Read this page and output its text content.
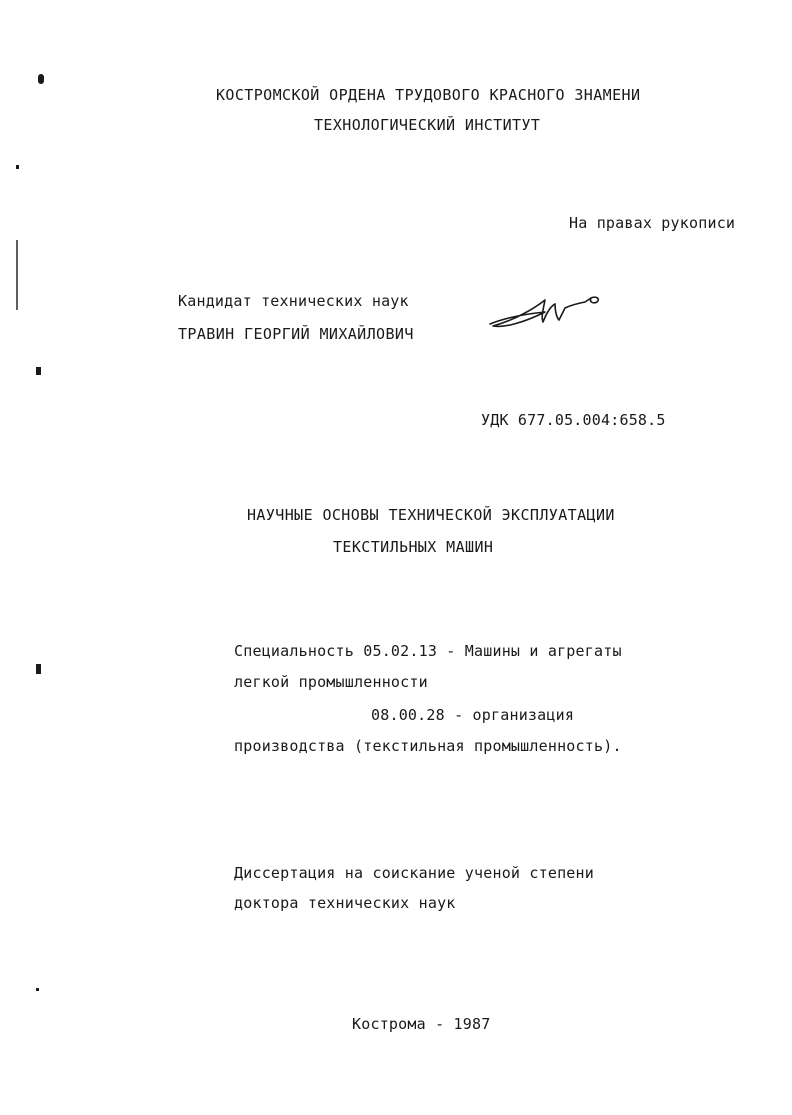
КОСТРОМСКОЙ ОРДЕНА ТРУДОВОГО КРАСНОГО ЗНАМЕНИ
ТЕХНОЛОГИЧЕСКИЙ ИНСТИТУТ
На правах рукописи
Кандидат технических наук
ТРАВИН ГЕОРГИЙ МИХАЙЛОВИЧ
УДК 677.05.004:658.5
НАУЧНЫЕ ОСНОВЫ ТЕХНИЧЕСКОЙ ЭКСПЛУАТАЦИИ
ТЕКСТИЛЬНЫХ МАШИН
Специальность 05.02.13 - Машины и агрегаты
легкой промышленности
08.00.28 - организация
производства (текстильная промышленность).
Диссертация на соискание ученой степени
доктора технических наук
Кострома - 1987
